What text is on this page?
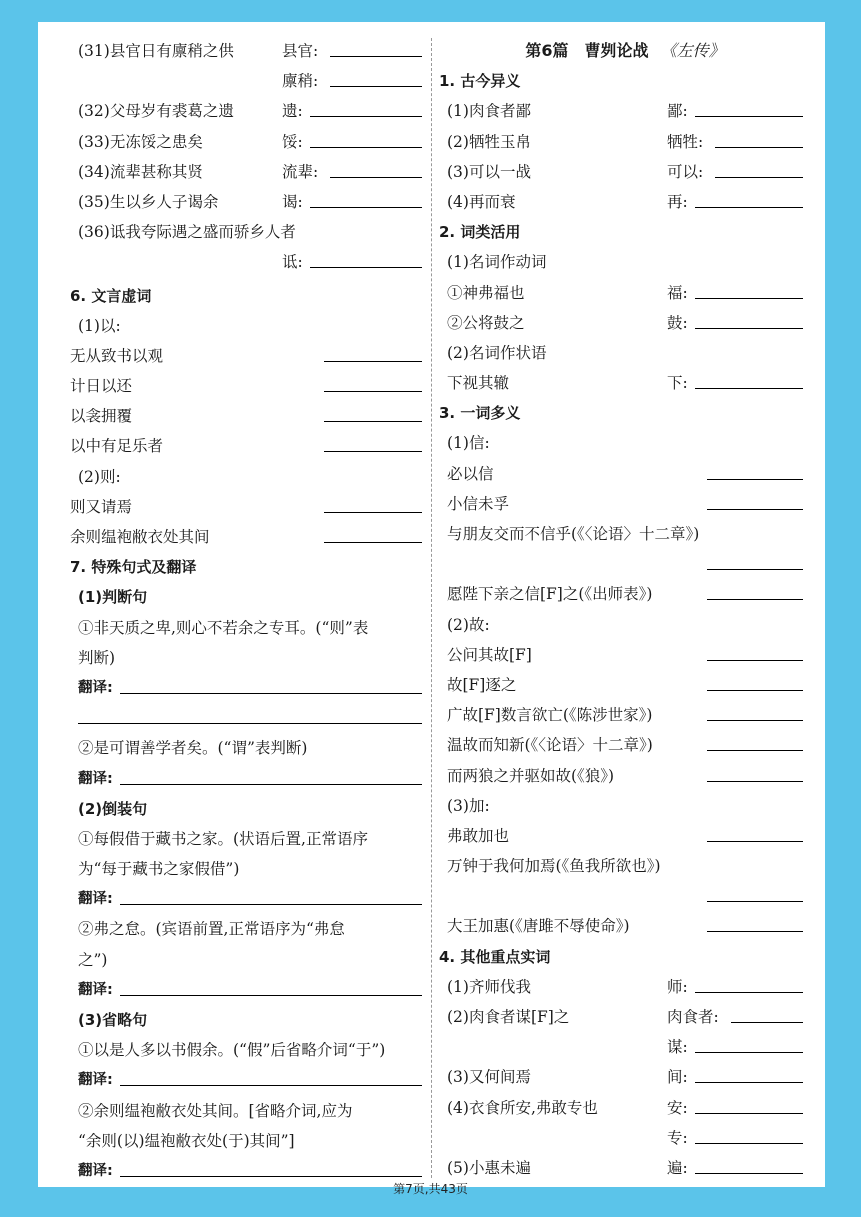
(31)县官日有廪稍之供	县官:
廪稍:
(32)父母岁有裘葛之遗	遗:
(33)无冻馁之患矣	馁:
(34)流辈甚称其贤	流辈:
(35)生以乡人子谒余	谒:
(36)诋我夸际遇之盛而骄乡人者
诋:
6. 文言虚词
(1)以:
无从致书以观
计日以还
以衾拥覆
以中有足乐者
(2)则:
则又请焉
余则缊袍敝衣处其间
7. 特殊句式及翻译
(1)判断句
①非天质之卑,则心不若余之专耳。(“则”表
判断)
翻译:
②是可谓善学者矣。(“谓”表判断)
翻译:
(2)倒装句
①每假借于藏书之家。(状语后置,正常语序
为“每于藏书之家假借”)
翻译:
②弗之怠。(宾语前置,正常语序为“弗怠
之”)
翻译:
(3)省略句
①以是人多以书假余。(“假”后省略介词“于”)
翻译:
②余则缊袍敝衣处其间。[省略介词,应为
“余则(以)缊袍敝衣处(于)其间”]
翻译:
第6篇　曹刿论战 《左传》
1. 古今异义
(1)肉食者鄙	鄙:
(2)牺牲玉帛	牺牲:
(3)可以一战	可以:
(4)再而衰	再:
2. 词类活用
(1)名词作动词
①神弗福也	福:
②公将鼓之	鼓:
(2)名词作状语
下视其辙	下:
3. 一词多义
(1)信:
必以信
小信未孚
与朋友交而不信乎(《〈论语〉十二章》)
愿陛下亲之信[F]之(《出师表》)
(2)故:
公问其故[F]
故[F]逐之
广故[F]数言欲亡(《陈涉世家》)
温故而知新(《〈论语〉十二章》)
而两狼之并驱如故(《狼》)
(3)加:
弗敢加也
万钟于我何加焉(《鱼我所欲也》)
大王加惠(《唐雎不辱使命》)
4. 其他重点实词
(1)齐师伐我	师:
(2)肉食者谋[F]之	肉食者:
谋:
(3)又何间焉	间:
(4)衣食所安,弗敢专也	安:
专:
(5)小惠未遍	遍:
第7页,共43页
